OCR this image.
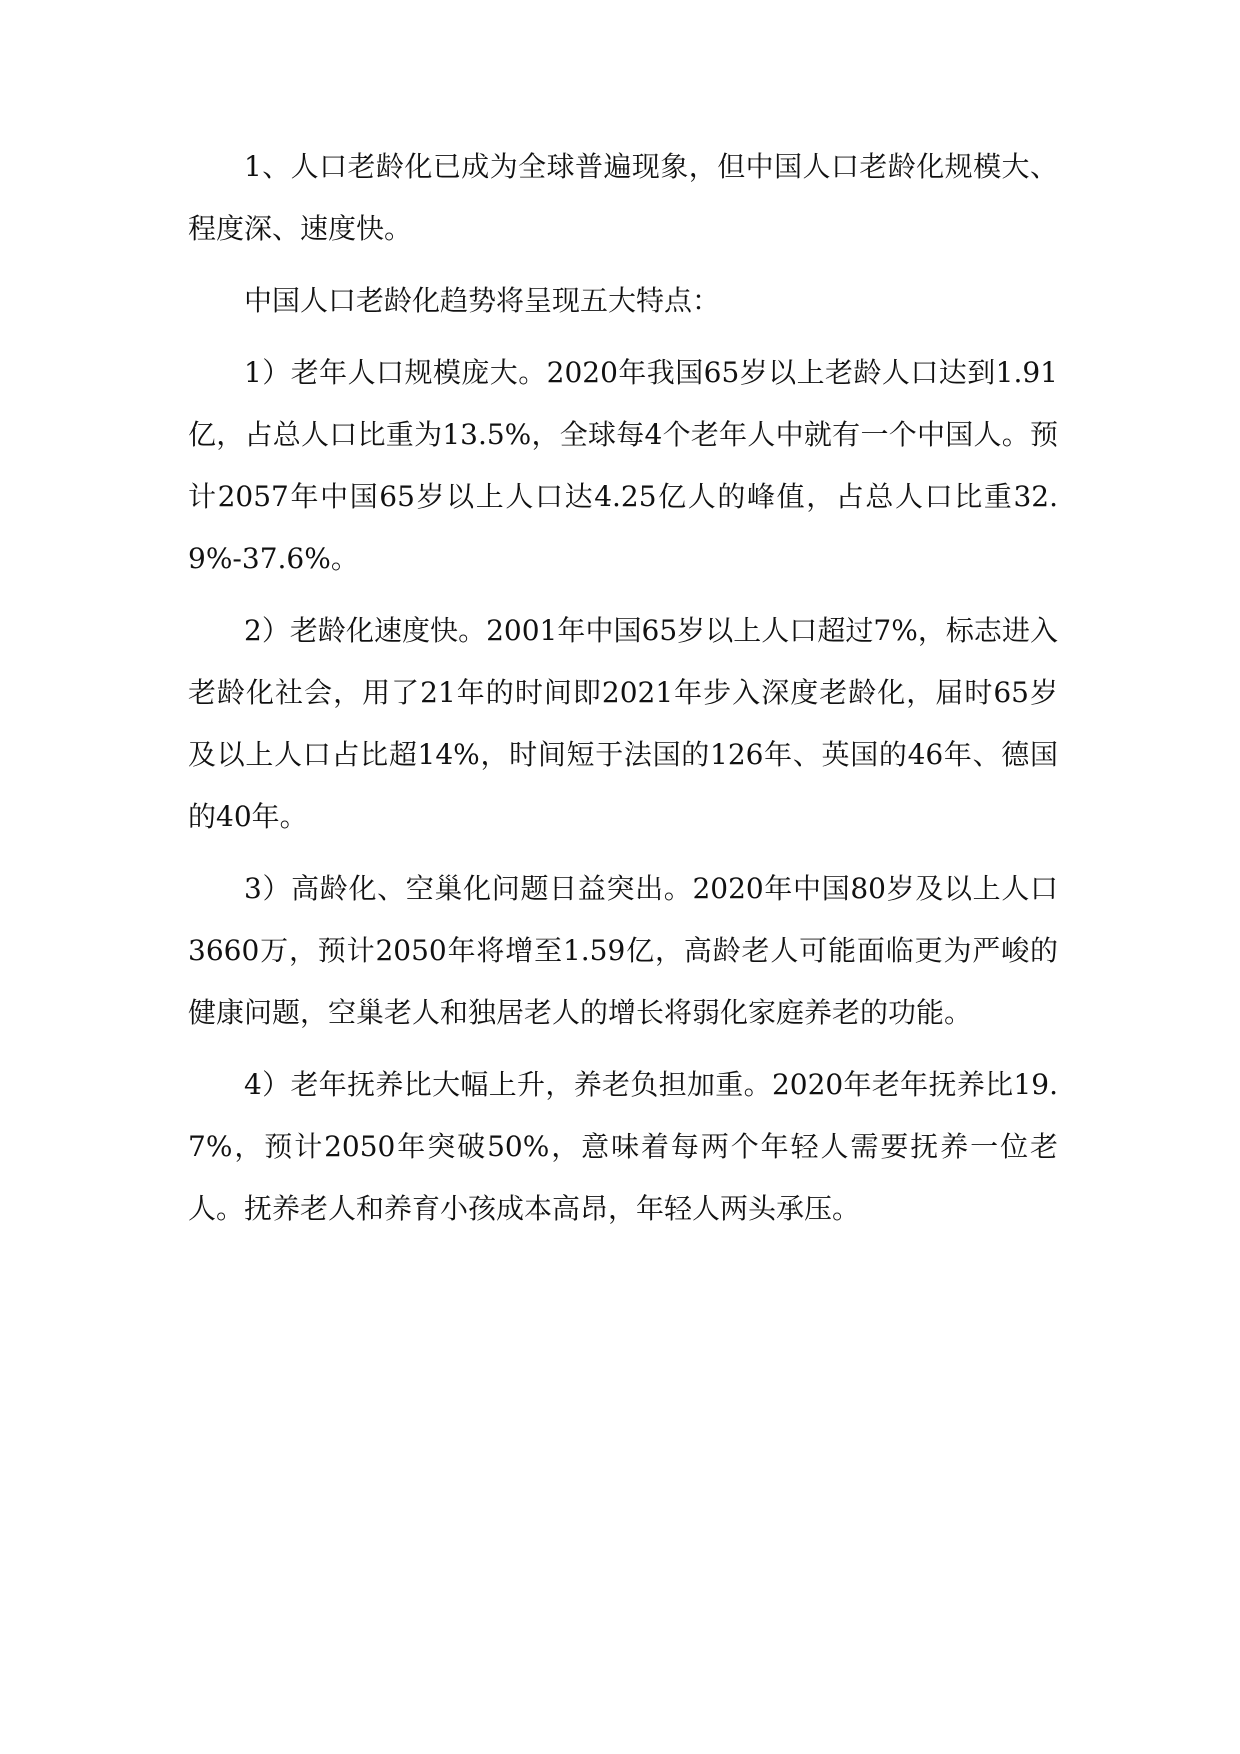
1、人口老龄化已成为全球普遍现象，但中国人口老龄化规模大、程度深、速度快。

中国人口老龄化趋势将呈现五大特点：

1）老年人口规模庞大。2020年我国65岁以上老龄人口达到1.91亿，占总人口比重为13.5%，全球每4个老年人中就有一个中国人。预计2057年中国65岁以上人口达4.25亿人的峰值，占总人口比重32.9%-37.6%。

2）老龄化速度快。2001年中国65岁以上人口超过7%，标志进入老龄化社会，用了21年的时间即2021年步入深度老龄化，届时65岁及以上人口占比超14%，时间短于法国的126年、英国的46年、德国的40年。

3）高龄化、空巢化问题日益突出。2020年中国80岁及以上人口3660万，预计2050年将增至1.59亿，高龄老人可能面临更为严峻的健康问题，空巢老人和独居老人的增长将弱化家庭养老的功能。

4）老年抚养比大幅上升，养老负担加重。2020年老年抚养比19.7%，预计2050年突破50%，意味着每两个年轻人需要抚养一位老人。抚养老人和养育小孩成本高昂，年轻人两头承压。
